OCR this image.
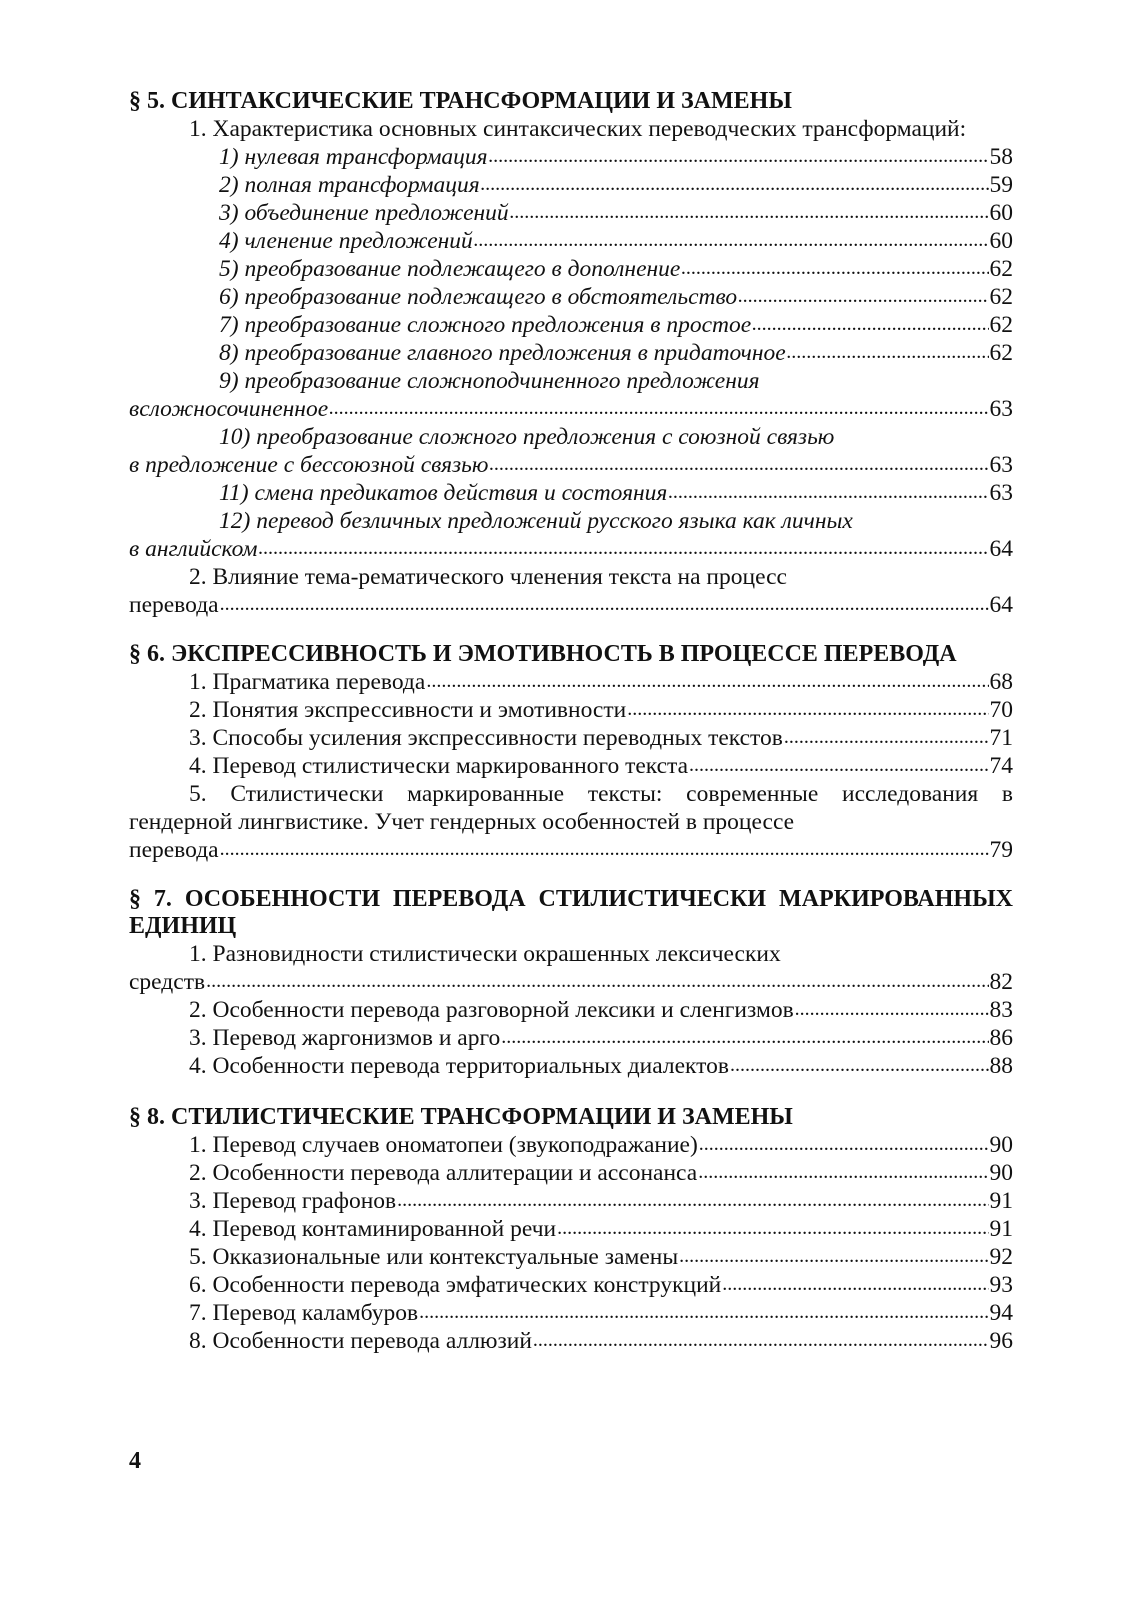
§ 5. СИНТАКСИЧЕСКИЕ ТРАНСФОРМАЦИИ И ЗАМЕНЫ

1. Характеристика основных синтаксических переводческих трансформаций:

1) нулевая трансформация .....	58
2) полная трансформация .....	59
3) объединение предложений .....	60
4) членение предложений .....	60
5) преобразование подлежащего в дополнение .....	62
6) преобразование подлежащего в обстоятельство .....	62
7) преобразование сложного предложения в простое .....	62
8) преобразование главного предложения в придаточное .....	62
9) преобразование сложноподчиненного предложения
вcложносочиненное .....	63
10) преобразование сложного предложения с союзной связью
в предложение с бессоюзной связью .....	63
11) смена предикатов действия и состояния .....	63
12) перевод безличных предложений русского языка как личных
в английском .....	64
2. Влияние тема-рематического членения текста на процесс
перевода .....	64
§ 6. ЭКСПРЕССИВНОСТЬ И ЭМОТИВНОСТЬ В ПРОЦЕССЕ ПЕРЕВОДА
1. Прагматика перевода .....	68
2. Понятия экспрессивности и эмотивности .....	70
3. Способы усиления экспрессивности переводных текстов .....	71
4. Перевод стилистически маркированного текста .....	74

5. Стилистически маркированные тексты: современные исследования в гендерной лингвистике. Учет гендерных особенностей в процессе

перевода .....	79
§ 7. ОСОБЕННОСТИ ПЕРЕВОДА СТИЛИСТИЧЕСКИ МАРКИРОВАННЫХ ЕДИНИЦ
1. Разновидности стилистически окрашенных лексических
средств .....	82
2. Особенности перевода разговорной лексики и сленгизмов .....	83
3. Перевод жаргонизмов и арго .....	86
4. Особенности перевода территориальных диалектов .....	88
§ 8. СТИЛИСТИЧЕСКИЕ ТРАНСФОРМАЦИИ И ЗАМЕНЫ
1. Перевод случаев ономатопеи (звукоподражание) .....	90
2. Особенности перевода аллитерации и ассонанса .....	90
3. Перевод графонов .....	91
4. Перевод контаминированной речи .....	91
5. Окказиональные или контекстуальные замены .....	92
6. Особенности перевода эмфатических конструкций .....	93
7. Перевод каламбуров .....	94
8. Особенности перевода аллюзий .....	96
4
